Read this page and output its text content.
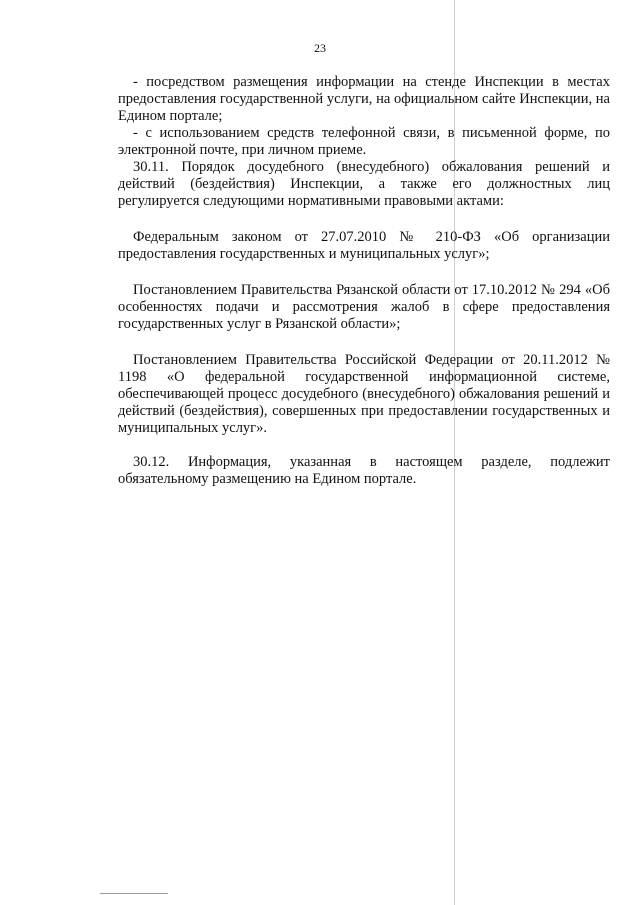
23

- посредством размещения информации на стенде Инспекции в местах предоставления государственной услуги, на официальном сайте Инспекции, на Едином портале;

- с использованием средств телефонной связи, в письменной форме, по электронной почте, при личном приеме.

30.11. Порядок досудебного (внесудебного) обжалования решений и действий (бездействия) Инспекции, а также его должностных лиц регулируется следующими нормативными правовыми актами:

Федеральным законом от 27.07.2010 № 210-ФЗ «Об организации предоставления государственных и муниципальных услуг»;

Постановлением Правительства Рязанской области от 17.10.2012 № 294 «Об особенностях подачи и рассмотрения жалоб в сфере предоставления государственных услуг в Рязанской области»;

Постановлением Правительства Российской Федерации от 20.11.2012 № 1198 «О федеральной государственной информационной системе, обеспечивающей процесс досудебного (внесудебного) обжалования решений и действий (бездействия), совершенных при предоставлении государственных и муниципальных услуг».

30.12. Информация, указанная в настоящем разделе, подлежит обязательному размещению на Едином портале.
